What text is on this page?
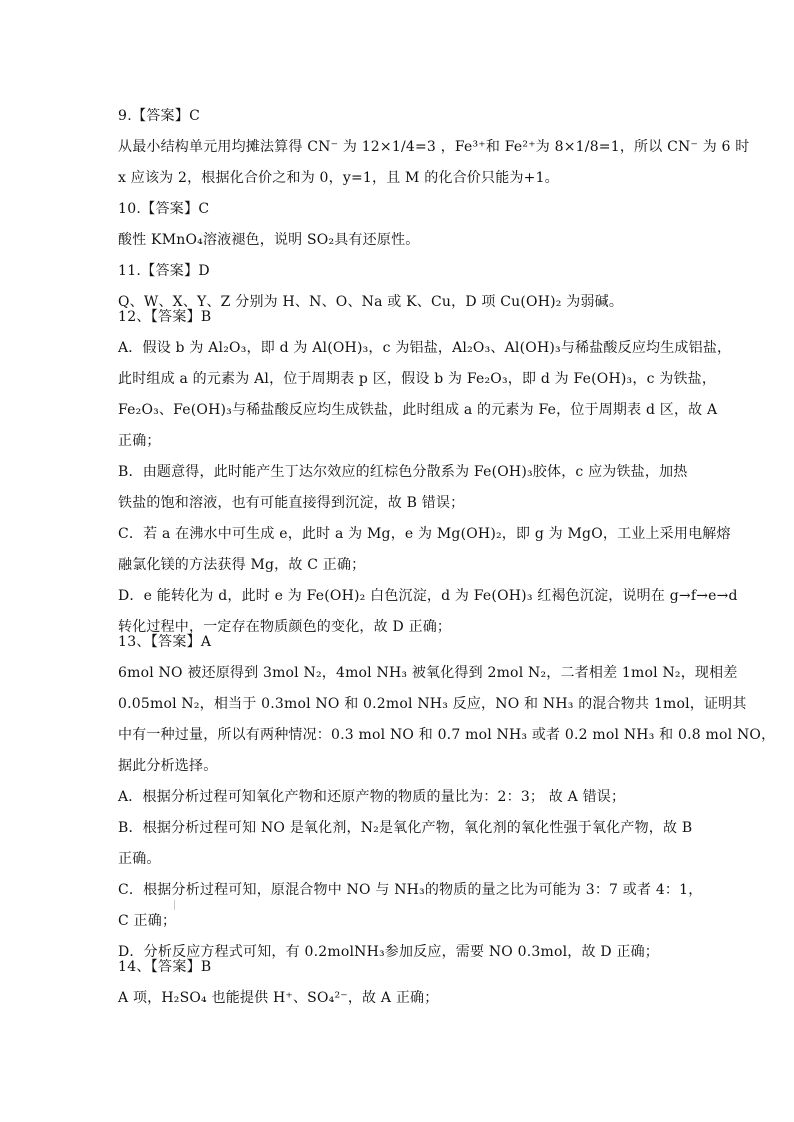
9.【答案】C
从最小结构单元用均摊法算得 CN⁻ 为 12×1/4=3 ，Fe³⁺和 Fe²⁺为 8×1/8=1，所以 CN⁻ 为 6 时
x 应该为 2，根据化合价之和为 0，y=1，且 M 的化合价只能为+1。
10.【答案】C
酸性 KMnO₄溶液褪色，说明 SO₂具有还原性。
11.【答案】D
Q、W、X、Y、Z 分别为 H、N、O、Na 或 K、Cu，D 项 Cu(OH)₂ 为弱碱。
12、【答案】B
A．假设 b 为 Al₂O₃，即 d 为 Al(OH)₃，c 为铝盐，Al₂O₃、Al(OH)₃与稀盐酸反应均生成铝盐，
此时组成 a 的元素为 Al，位于周期表 p 区，假设 b 为 Fe₂O₃，即 d 为 Fe(OH)₃，c 为铁盐，
Fe₂O₃、Fe(OH)₃与稀盐酸反应均生成铁盐，此时组成 a 的元素为 Fe，位于周期表 d 区，故 A
正确；
B．由题意得，此时能产生丁达尔效应的红棕色分散系为 Fe(OH)₃胶体，c 应为铁盐，加热
铁盐的饱和溶液，也有可能直接得到沉淀，故 B 错误；
C．若 a 在沸水中可生成 e，此时 a 为 Mg，e 为 Mg(OH)₂，即 g 为 MgO，工业上采用电解熔
融氯化镁的方法获得 Mg，故 C 正确；
D．e 能转化为 d，此时 e 为 Fe(OH)₂ 白色沉淀，d 为 Fe(OH)₃ 红褐色沉淀，说明在 g→f→e→d
转化过程中，一定存在物质颜色的变化，故 D 正确；
13、【答案】A
6mol NO 被还原得到 3mol N₂，4mol NH₃ 被氧化得到 2mol N₂，二者相差 1mol N₂，现相差
0.05mol N₂，相当于 0.3mol NO 和 0.2mol NH₃ 反应，NO 和 NH₃ 的混合物共 1mol，证明其
中有一种过量，所以有两种情况：0.3 mol NO 和 0.7 mol NH₃ 或者 0.2 mol NH₃ 和 0.8 mol NO，
据此分析选择。
A．根据分析过程可知氧化产物和还原产物的物质的量比为：2：3； 故 A 错误；
B．根据分析过程可知 NO 是氧化剂，N₂是氧化产物，氧化剂的氧化性强于氧化产物，故 B
正确。
C．根据分析过程可知，原混合物中 NO 与 NH₃的物质的量之比为可能为 3：7 或者 4：1，
C 正确；
D．分析反应方程式可知，有 0.2molNH₃参加反应，需要 NO 0.3mol，故 D 正确；
14、【答案】B
A 项，H₂SO₄ 也能提供 H⁺、SO₄²⁻，故 A 正确；
